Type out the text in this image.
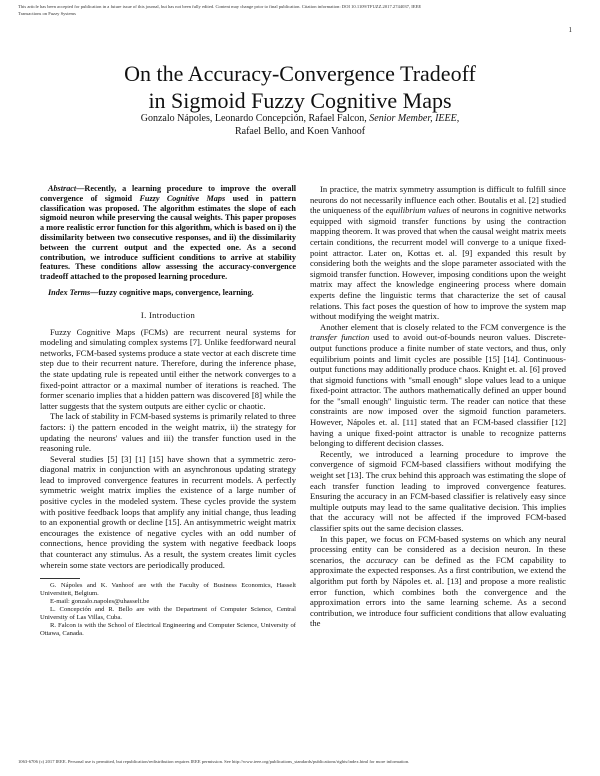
This article has been accepted for publication in a future issue of this journal, but has not been fully edited. Content may change prior to final publication. Citation information: DOI 10.1109/TFUZZ.2017.2744037, IEEE
Transactions on Fuzzy Systems
1
On the Accuracy-Convergence Tradeoff
in Sigmoid Fuzzy Cognitive Maps
Gonzalo Nápoles, Leonardo Concepción, Rafael Falcon, Senior Member, IEEE,
Rafael Bello, and Koen Vanhoof

Abstract—Recently, a learning procedure to improve the overall convergence of sigmoid Fuzzy Cognitive Maps used in pattern classification was proposed. The algorithm estimates the slope of each sigmoid neuron while preserving the causal weights. This paper proposes a more realistic error function for this algorithm, which is based on i) the dissimilarity between two consecutive responses, and ii) the dissimilarity between the current output and the expected one. As a second contribution, we introduce sufficient conditions to arrive at stability features. These conditions allow assessing the accuracy-convergence tradeoff attached to the proposed learning procedure.

Index Terms—fuzzy cognitive maps, convergence, learning.

I. Introduction

Fuzzy Cognitive Maps (FCMs) are recurrent neural systems for modeling and simulating complex systems [7]. Unlike feedforward neural networks, FCM-based systems produce a state vector at each discrete time step due to their recurrent nature. Therefore, during the inference phase, the state updating rule is repeated until either the network converges to a fixed-point attractor or a maximal number of iterations is reached. The former scenario implies that a hidden pattern was discovered [8] while the latter suggests that the system outputs are either cyclic or chaotic.

The lack of stability in FCM-based systems is primarily related to three factors: i) the pattern encoded in the weight matrix, ii) the strategy for updating the neurons' values and iii) the transfer function used in the reasoning rule.

Several studies [5] [3] [1] [15] have shown that a symmetric zero-diagonal matrix in conjunction with an asynchronous updating strategy lead to improved convergence features in recurrent models. A perfectly symmetric weight matrix implies the existence of a large number of positive cycles in the modeled system. These cycles provide the system with positive feedback loops that amplify any initial change, thus leading to an exponential growth or decline [15]. An antisymmetric weight matrix encourages the existence of negative cycles with an odd number of connections, hence providing the system with negative feedback loops that counteract any stimulus. As a result, the system creates limit cycles wherein some state vectors are periodically produced.

G. Nápoles and K. Vanhoof are with the Faculty of Business Economics, Hasselt Universiteit, Belgium.

E-mail: gonzalo.napoles@uhasselt.be

L. Concepción and R. Bello are with the Department of Computer Science, Central University of Las Villas, Cuba.

R. Falcon is with the School of Electrical Engineering and Computer Science, University of Ottawa, Canada.

In practice, the matrix symmetry assumption is difficult to fulfill since neurons do not necessarily influence each other. Boutalis et al. [2] studied the uniqueness of the equilibrium values of neurons in cognitive networks equipped with sigmoid transfer functions by using the contraction mapping theorem. It was proved that when the causal weight matrix meets certain conditions, the recurrent model will converge to a unique fixed-point attractor. Later on, Kottas et. al. [9] expanded this result by considering both the weights and the slope parameter associated with the sigmoid transfer function. However, imposing conditions upon the weight matrix may affect the knowledge engineering process where domain experts define the linguistic terms that characterize the set of causal relations. This fact poses the question of how to improve the system map without modifying the weight matrix.

Another element that is closely related to the FCM convergence is the transfer function used to avoid out-of-bounds neuron values. Discrete-output functions produce a finite number of state vectors, and thus, only equilibrium points and limit cycles are possible [15] [14]. Continuous-output functions may additionally produce chaos. Knight et. al. [6] proved that sigmoid functions with "small enough" slope values lead to a unique fixed-point attractor. The authors mathematically defined an upper bound for the "small enough" linguistic term. The reader can notice that these constraints are now imposed over the sigmoid function parameters. However, Nápoles et. al. [11] stated that an FCM-based classifier [12] having a unique fixed-point attractor is unable to recognize patterns belonging to different decision classes.

Recently, we introduced a learning procedure to improve the convergence of sigmoid FCM-based classifiers without modifying the weight set [13]. The crux behind this approach was estimating the slope of each transfer function leading to improved convergence features. Ensuring the accuracy in an FCM-based classifier is relatively easy since multiple outputs may lead to the same qualitative decision. This implies that the accuracy will not be affected if the improved FCM-based classifier spits out the same decision classes.

In this paper, we focus on FCM-based systems on which any neural processing entity can be considered as a decision neuron. In these scenarios, the accuracy can be defined as the FCM capability to approximate the expected responses. As a first contribution, we extend the algorithm put forth by Nápoles et. al. [13] and propose a more realistic error function, which combines both the convergence and the approximation errors into the same learning scheme. As a second contribution, we introduce four sufficient conditions that allow evaluating the

1063-6706 (c) 2017 IEEE. Personal use is permitted, but republication/redistribution requires IEEE permission. See http://www.ieee.org/publications_standards/publications/rights/index.html for more information.
